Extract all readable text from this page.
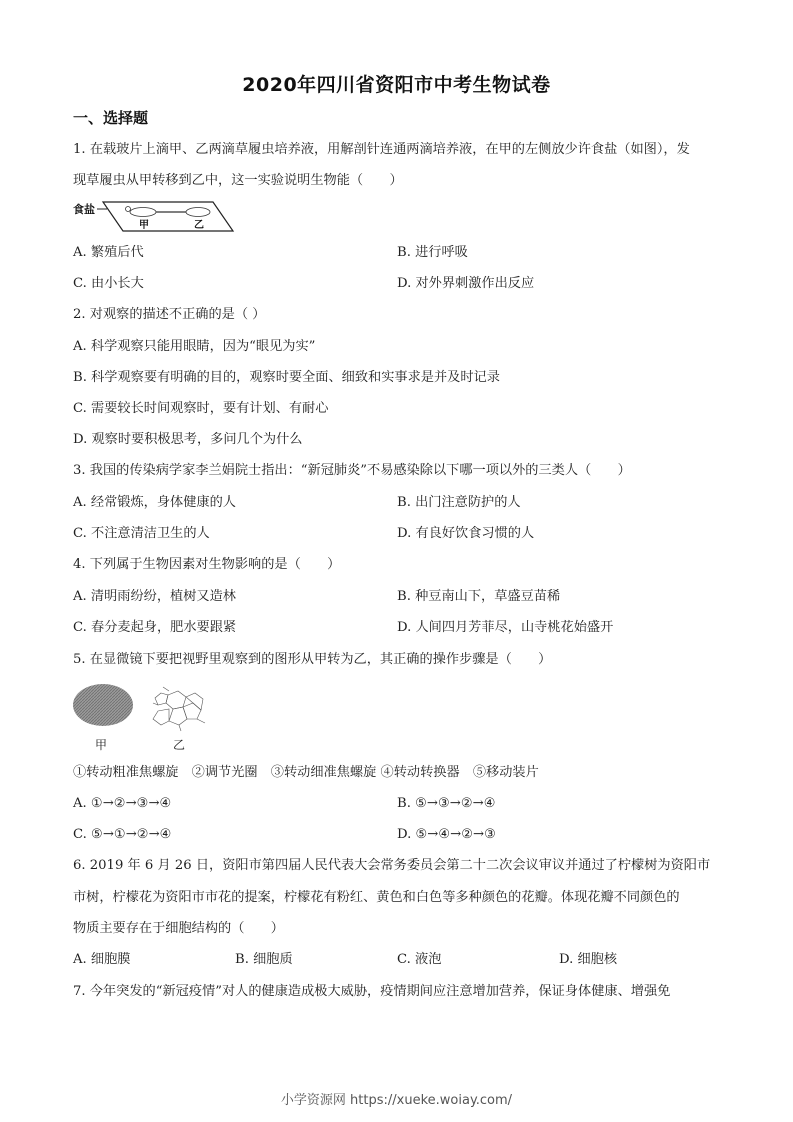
2020年四川省资阳市中考生物试卷
一、选择题
1. 在载玻片上滴甲、乙两滴草履虫培养液，用解剖针连通两滴培养液，在甲的左侧放少许食盐（如图），发
现草履虫从甲转移到乙中，这一实验说明生物能（　　）
食盐
甲	乙
A. 繁殖后代	B. 进行呼吸
C. 由小长大	D. 对外界刺激作出反应
2. 对观察的描述不正确的是（ ）
A. 科学观察只能用眼睛，因为“眼见为实”
B. 科学观察要有明确的目的，观察时要全面、细致和实事求是并及时记录
C. 需要较长时间观察时，要有计划、有耐心
D. 观察时要积极思考，多问几个为什么
3. 我国的传染病学家李兰娟院士指出：“新冠肺炎”不易感染除以下哪一项以外的三类人（　　）
A. 经常锻炼，身体健康的人	B. 出门注意防护的人
C. 不注意清洁卫生的人	D. 有良好饮食习惯的人
4. 下列属于生物因素对生物影响的是（　　）
A. 清明雨纷纷，植树又造林	B. 种豆南山下，草盛豆苗稀
C. 春分麦起身，肥水要跟紧	D. 人间四月芳菲尽，山寺桃花始盛开
5. 在显微镜下要把视野里观察到的图形从甲转为乙，其正确的操作步骤是（　　）
甲	乙
①转动粗准焦螺旋　②调节光圈　③转动细准焦螺旋 ④转动转换器　⑤移动装片
A. ①→②→③→④	B. ⑤→③→②→④
C. ⑤→①→②→④	D. ⑤→④→②→③
6. 2019 年 6 月 26 日，资阳市第四届人民代表大会常务委员会第二十二次会议审议并通过了柠檬树为资阳市
市树，柠檬花为资阳市市花的提案，柠檬花有粉红、黄色和白色等多种颜色的花瓣。体现花瓣不同颜色的
物质主要存在于细胞结构的（　　）
A. 细胞膜	B. 细胞质	C. 液泡	D. 细胞核
7. 今年突发的“新冠疫情”对人的健康造成极大威胁，疫情期间应注意增加营养，保证身体健康、增强免
小学资源网 https://xueke.woiay.com/
